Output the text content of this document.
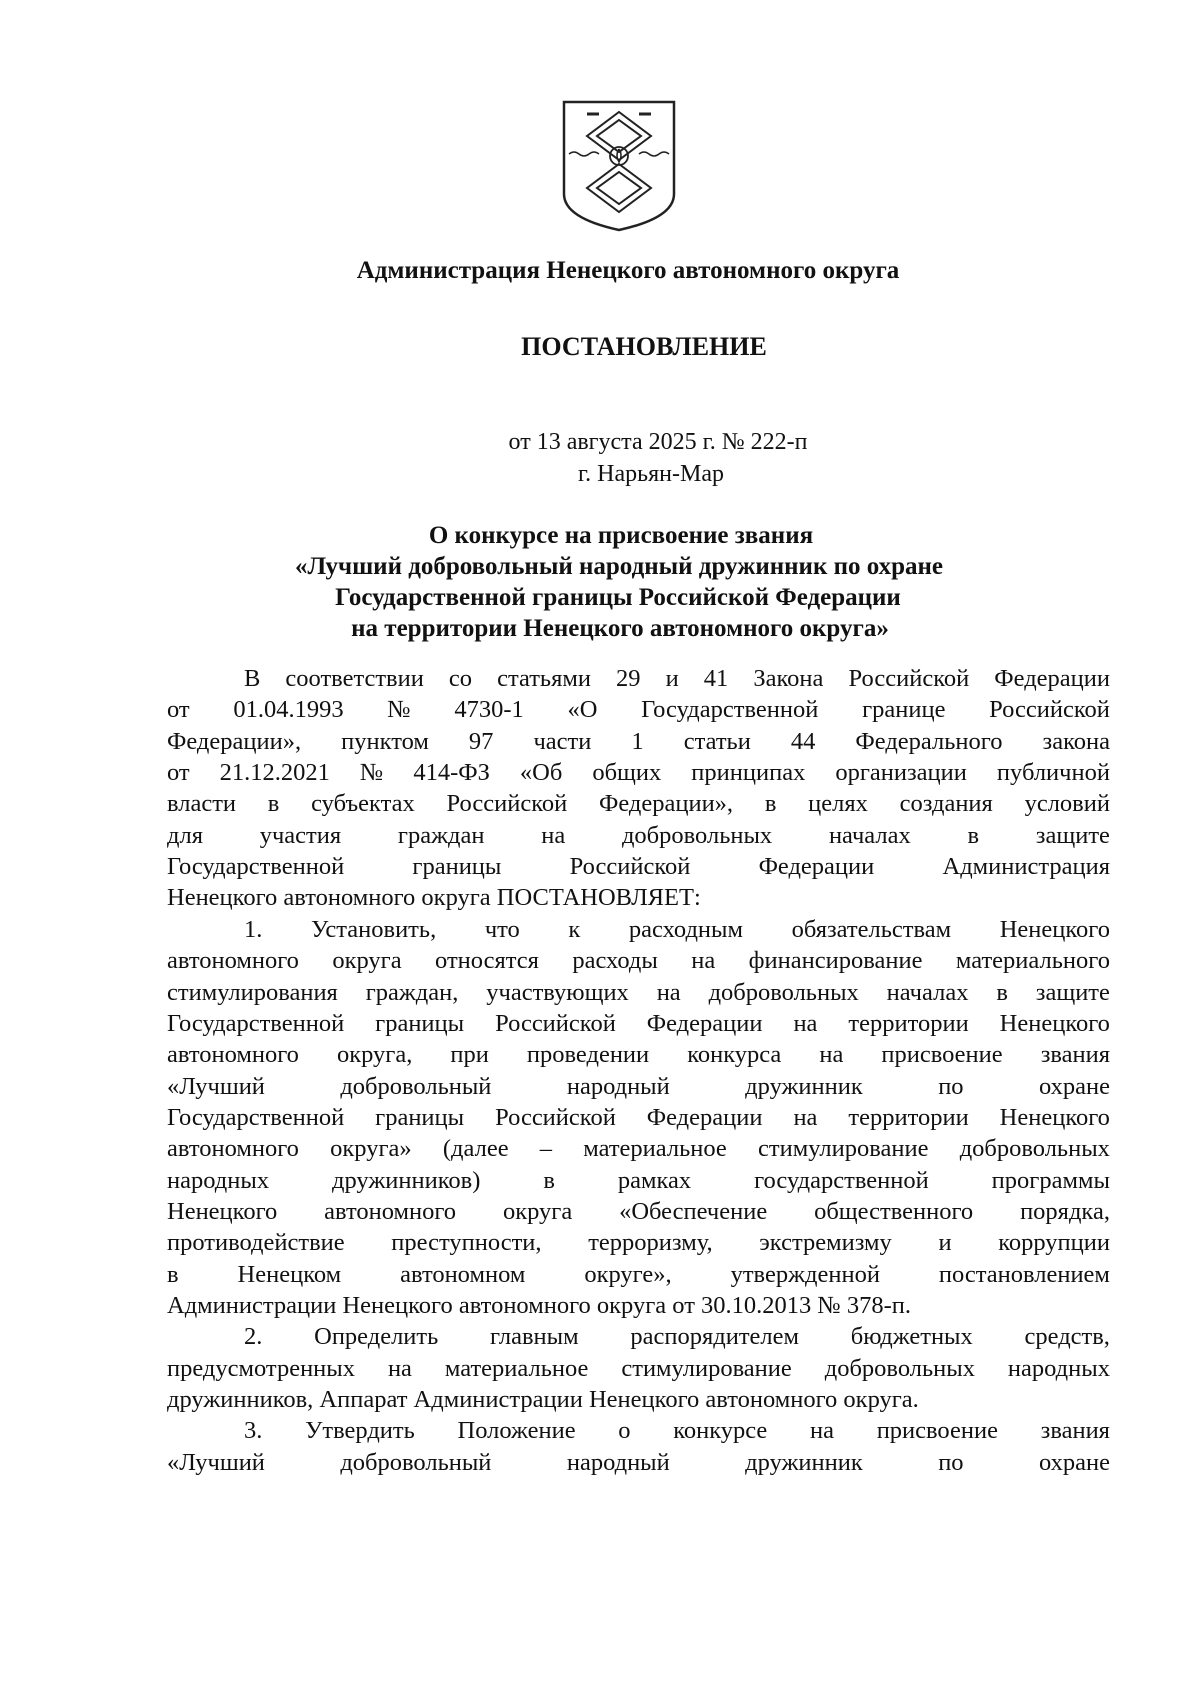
Администрация Ненецкого автономного округа
ПОСТАНОВЛЕНИЕ
от 13 августа 2025 г. № 222-п
г. Нарьян-Мар
О конкурсе на присвоение звания
«Лучший добровольный народный дружинник по охране
Государственной границы Российской Федерации
на территории Ненецкого автономного округа»
В соответствии со статьями 29 и 41 Закона Российской Федерации
от 01.04.1993 № 4730-1 «О Государственной границе Российской
Федерации», пунктом 97 части 1 статьи 44 Федерального закона
от 21.12.2021 № 414-ФЗ «Об общих принципах организации публичной
власти в субъектах Российской Федерации», в целях создания условий
для участия граждан на добровольных началах в защите
Государственной	границы	Российской	Федерации	Администрация
Ненецкого автономного округа ПОСТАНОВЛЯЕТ:
1. Установить, что к расходным обязательствам Ненецкого
автономного округа относятся расходы на финансирование материального
стимулирования граждан, участвующих на добровольных началах в защите
Государственной границы Российской Федерации на территории Ненецкого
автономного округа, при проведении конкурса на присвоение звания
«Лучший	добровольный	народный	дружинник	по	охране
Государственной границы Российской Федерации на территории Ненецкого
автономного округа» (далее – материальное стимулирование добровольных
народных	дружинников)	в	рамках	государственной	программы
Ненецкого автономного округа «Обеспечение общественного порядка,
противодействие преступности, терроризму, экстремизму и коррупции
в Ненецком автономном округе», утвержденной постановлением
Администрации Ненецкого автономного округа от 30.10.2013 № 378-п.
2. Определить главным распорядителем бюджетных средств,
предусмотренных на материальное стимулирование добровольных народных
дружинников, Аппарат Администрации Ненецкого автономного округа.
3. Утвердить Положение о конкурсе на присвоение звания
«Лучший	добровольный	народный	дружинник	по	охране
